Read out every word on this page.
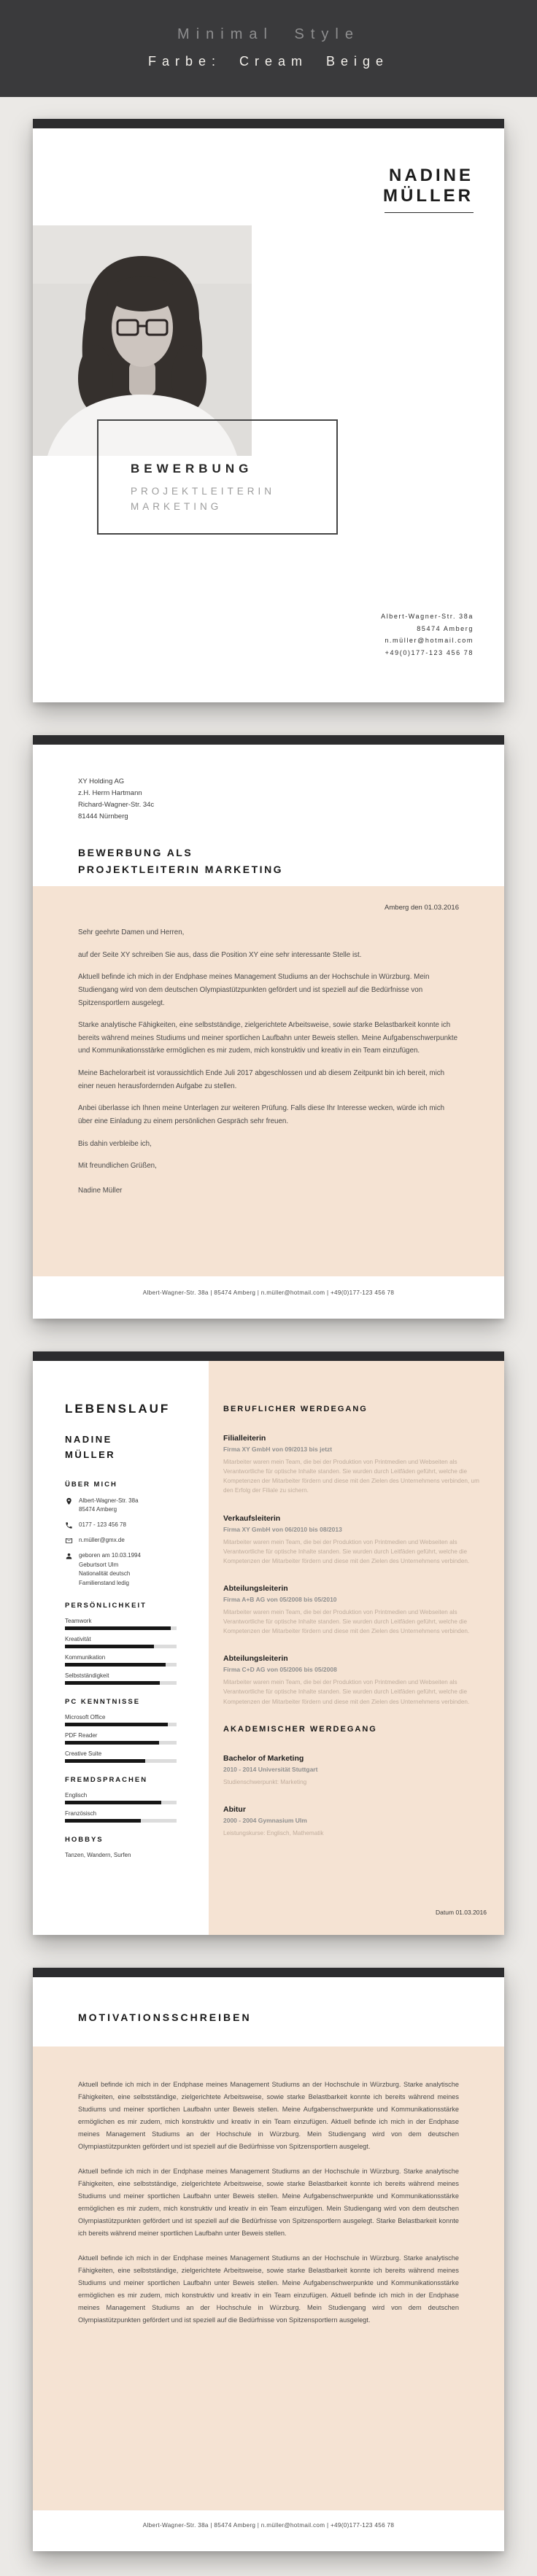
Minimal Style
Farbe: Cream Beige
NADINE
MÜLLER
BEWERBUNG
PROJEKTLEITERIN
MARKETING
Albert-Wagner-Str. 38a
85474 Amberg
n.müller@hotmail.com
+49(0)177-123 456 78
XY Holding AG
z.H. Herrn Hartmann
Richard-Wagner-Str. 34c
81444 Nürnberg
BEWERBUNG ALS
PROJEKTLEITERIN MARKETING
Amberg den 01.03.2016

Sehr geehrte Damen und Herren,

auf der Seite XY schreiben Sie aus, dass die Position XY eine sehr interessante Stelle ist.

Aktuell befinde ich mich in der Endphase meines Management Studiums an der Hochschule in Würzburg. Mein Studiengang wird von dem deutschen Olympiastützpunkten gefördert und ist speziell auf die Bedürfnisse von Spitzensportlern ausgelegt.

Starke analytische Fähigkeiten, eine selbstständige, zielgerichtete Arbeitsweise, sowie starke Belastbarkeit konnte ich bereits während meines Studiums und meiner sportlichen Laufbahn unter Beweis stellen. Meine Aufgabenschwerpunkte und Kommunikationsstärke ermöglichen es mir zudem, mich konstruktiv und kreativ in ein Team einzufügen.

Meine Bachelorarbeit ist voraussichtlich Ende Juli 2017 abgeschlossen und ab diesem Zeitpunkt bin ich bereit, mich einer neuen herausfordernden Aufgabe zu stellen.

Anbei überlasse ich Ihnen meine Unterlagen zur weiteren Prüfung. Falls diese Ihr Interesse wecken, würde ich mich über eine Einladung zu einem persönlichen Gespräch sehr freuen.

Bis dahin verbleibe ich,

Mit freundlichen Grüßen,

Nadine Müller

Albert-Wagner-Str. 38a | 85474 Amberg | n.müller@hotmail.com | +49(0)177-123 456 78
BERUFLICHER WERDEGANG
Filialleiterin
Firma XY GmbH von 09/2013 bis jetzt
Mitarbeiter waren mein Team, die bei der Produktion von Printmedien und Webseiten als Verantwortliche für optische Inhalte standen. Sie wurden durch Leitfäden geführt, welche die Kompetenzen der Mitarbeiter fördern und diese mit den Zielen des Unternehmens verbinden, um den Erfolg der Filiale zu sichern.
Verkaufsleiterin
Firma XY GmbH von 06/2010 bis 08/2013
Mitarbeiter waren mein Team, die bei der Produktion von Printmedien und Webseiten als Verantwortliche für optische Inhalte standen. Sie wurden durch Leitfäden geführt, welche die Kompetenzen der Mitarbeiter fördern und diese mit den Zielen des Unternehmens verbinden.
Abteilungsleiterin
Firma A+B AG von 05/2008 bis 05/2010
Mitarbeiter waren mein Team, die bei der Produktion von Printmedien und Webseiten als Verantwortliche für optische Inhalte standen. Sie wurden durch Leitfäden geführt, welche die Kompetenzen der Mitarbeiter fördern und diese mit den Zielen des Unternehmens verbinden.
Abteilungsleiterin
Firma C+D AG von 05/2006 bis 05/2008
Mitarbeiter waren mein Team, die bei der Produktion von Printmedien und Webseiten als Verantwortliche für optische Inhalte standen. Sie wurden durch Leitfäden geführt, welche die Kompetenzen der Mitarbeiter fördern und diese mit den Zielen des Unternehmens verbinden.
AKADEMISCHER WERDEGANG
Bachelor of Marketing
2010 - 2014 Universität Stuttgart
Studienschwerpunkt: Marketing
Abitur
2000 - 2004 Gymnasium Ulm
Leistungskurse: Englisch, Mathematik
LEBENSLAUF
NADINE
MÜLLER
ÜBER MICH
Albert-Wagner-Str. 38a
85474 Amberg
0177 - 123 456 78
n.müller@gmx.de
geboren am 10.03.1994
Geburtsort Ulm
Nationalität deutsch
Familienstand ledig
PERSÖNLICHKEIT
Teamwork
Kreativität
Kommunikation
Selbstständigkeit
PC KENNTNISSE
Microsoft Office
PDF Reader
Creative Suite
FREMDSPRACHEN
Englisch
Französisch
HOBBYS
Tanzen, Wandern, Surfen
Datum 01.03.2016
MOTIVATIONSSCHREIBEN

Aktuell befinde ich mich in der Endphase meines Management Studiums an der Hochschule in Würzburg. Starke analytische Fähigkeiten, eine selbstständige, zielgerichtete Arbeitsweise, sowie starke Belastbarkeit konnte ich bereits während meines Studiums und meiner sportlichen Laufbahn unter Beweis stellen. Meine Aufgabenschwerpunkte und Kommunikationsstärke ermöglichen es mir zudem, mich konstruktiv und kreativ in ein Team einzufügen. Aktuell befinde ich mich in der Endphase meines Management Studiums an der Hochschule in Würzburg. Mein Studiengang wird von dem deutschen Olympiastützpunkten gefördert und ist speziell auf die Bedürfnisse von Spitzensportlern ausgelegt.

Aktuell befinde ich mich in der Endphase meines Management Studiums an der Hochschule in Würzburg. Starke analytische Fähigkeiten, eine selbstständige, zielgerichtete Arbeitsweise, sowie starke Belastbarkeit konnte ich bereits während meines Studiums und meiner sportlichen Laufbahn unter Beweis stellen. Meine Aufgabenschwerpunkte und Kommunikationsstärke ermöglichen es mir zudem, mich konstruktiv und kreativ in ein Team einzufügen. Mein Studiengang wird von dem deutschen Olympiastützpunkten gefördert und ist speziell auf die Bedürfnisse von Spitzensportlern ausgelegt. Starke Belastbarkeit konnte ich bereits während meiner sportlichen Laufbahn unter Beweis stellen.

Aktuell befinde ich mich in der Endphase meines Management Studiums an der Hochschule in Würzburg. Starke analytische Fähigkeiten, eine selbstständige, zielgerichtete Arbeitsweise, sowie starke Belastbarkeit konnte ich bereits während meines Studiums und meiner sportlichen Laufbahn unter Beweis stellen. Meine Aufgabenschwerpunkte und Kommunikationsstärke ermöglichen es mir zudem, mich konstruktiv und kreativ in ein Team einzufügen. Aktuell befinde ich mich in der Endphase meines Management Studiums an der Hochschule in Würzburg. Mein Studiengang wird von dem deutschen Olympiastützpunkten gefördert und ist speziell auf die Bedürfnisse von Spitzensportlern ausgelegt.

Albert-Wagner-Str. 38a | 85474 Amberg | n.müller@hotmail.com | +49(0)177-123 456 78
